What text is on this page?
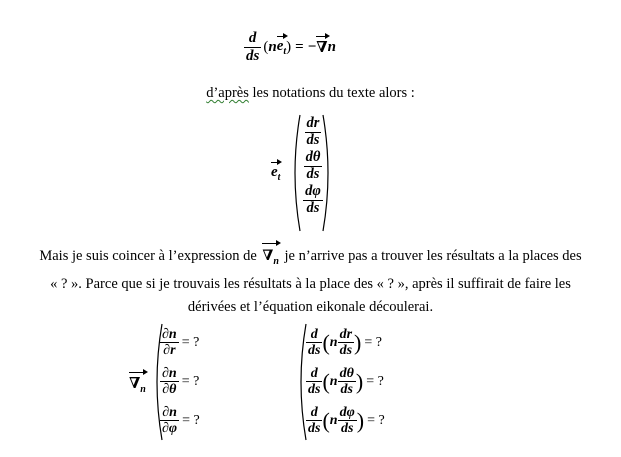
$\frac{d}{ds}$ ( n $e_t$ ) = − ∇ n
d’après les notations du texte alors :
$e_t$
$\frac{dr}{ds}$
$\frac{d\theta}{ds}$
$\frac{d\varphi}{ds}$
Mais je suis coincer à l’expression de $\nabla_n$ je n’arrive pas a trouver les résultats a la places des
« ? ». Parce que si je trouvais les résultats à la place des « ? », après il suffirait de faire les
dérivées et l’équation eikonale découlerai.
$\nabla_n$
$\frac{\partial n}{\partial r}$ = ?
$\frac{\partial n}{\partial\theta}$ = ?
$\frac{\partial n}{\partial\varphi}$ = ?
$\frac{d}{ds}$ ( n $\frac{dr}{ds}$ ) = ?
$\frac{d}{ds}$ ( n $\frac{d\theta}{ds}$ ) = ?
$\frac{d}{ds}$ ( n $\frac{d\varphi}{ds}$ ) = ?
